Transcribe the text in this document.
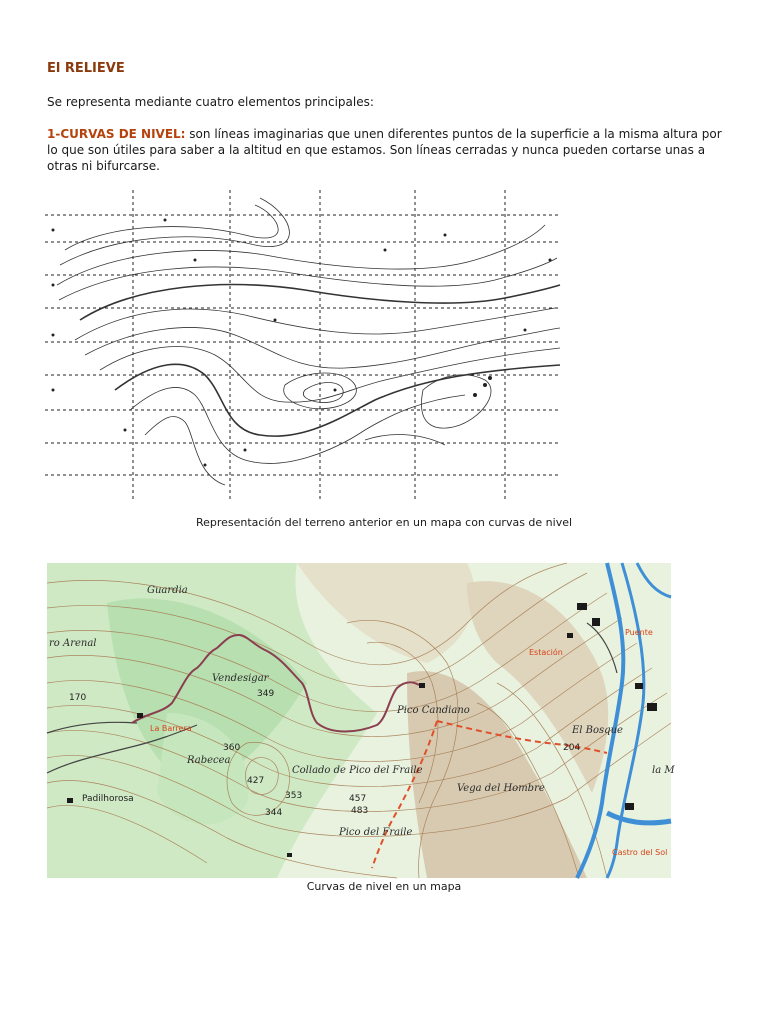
El RELIEVE
Se representa mediante cuatro elementos principales:
1-CURVAS DE NIVEL: son líneas imaginarias que unen diferentes puntos de la superficie a la misma altura por lo que son útiles para saber a la altitud en que estamos. Son líneas cerradas y nunca pueden cortarse unas a otras ni bifurcarse.
Representación del terreno anterior en un mapa con curvas de nivel
Guardia
ro Arenal
Vendesigar
349
Pico Candiano
Rabecea
Collado de Pico del Fraile
Pico del Fraile
La Barrera
Padilhorosa
170
360
353
344
457
483
427
204
El Bosque
Vega del Hombre
Puente
Estación
Castro del Sol
la M
Curvas de nivel en un mapa
